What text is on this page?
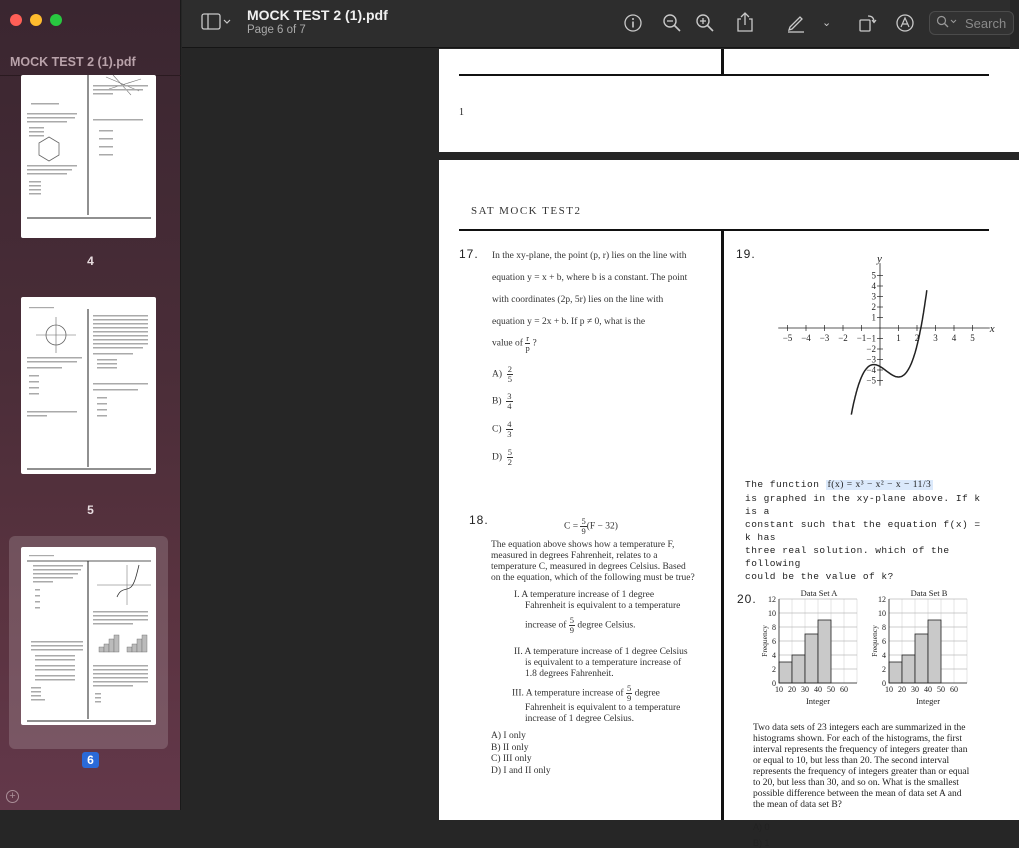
MOCK TEST 2 (1).pdf
4
5
6
+
MOCK TEST 2 (1).pdf
Page 6 of 7
⌄	Search
1
SAT MOCK TEST2
17. In the xy-plane, the point (p, r) lies on the line with
equation y = x + b, where b is a constant. The point
with coordinates (2p, 5r) lies on the line with
equation y = 2x + b. If p ≠ 0, what is the
value of $\frac{r}{p}$ ?
$A) \frac{2}{5}$
$B) \frac{3}{4}$
$C) \frac{4}{3}$
$D) \frac{5}{2}$
18.	$C = \frac{5}{9} (F - 32)$
The equation above shows how a temperature F,
measured in degrees Fahrenheit, relates to a
temperature C, measured in degrees Celsius. Based
on the equation, which of the following must be true?
I. A temperature increase of 1 degree
Fahrenheit is equivalent to a temperature
increase of $\frac{5}{9}$ degree Celsius.
II. A temperature increase of 1 degree Celsius
is equivalent to a temperature increase of
1.8 degrees Fahrenheit.
III. A temperature increase of $\frac{5}{9}$ degree
Fahrenheit is equivalent to a temperature
increase of 1 degree Celsius.
A) I only
B) II only
C) III only
D) I and II only
19.
x
y
−5 −4 −3 −2 −1	1 2 3 4 5
−5
−4
−3
−2
−1
1
2
3
4
5
The function f(x) = x³ − x² − x − 11/3
is graphed in the xy-plane above. If k is a
constant such that the equation f(x) = k has
three real solution. which of the following
could be the value of k?
20.	Data Set A
0
2
4
6
8
10
12
10 20 30 40 50 60
Integer
Frequency
Data Set B
0
2
4
6
8
10
12
10 20 30 40 50 60
Integer
Frequency
Two data sets of 23 integers each are summarized in the histograms shown. For each of the histograms, the first interval represents the frequency of integers greater than or equal to 10, but less than 20. The second interval represents the frequency of integers greater than or equal to 20, but less than 30, and so on. What is the smallest possible difference between the mean of data set A and the mean of data set B?
A) 0
B) 1
